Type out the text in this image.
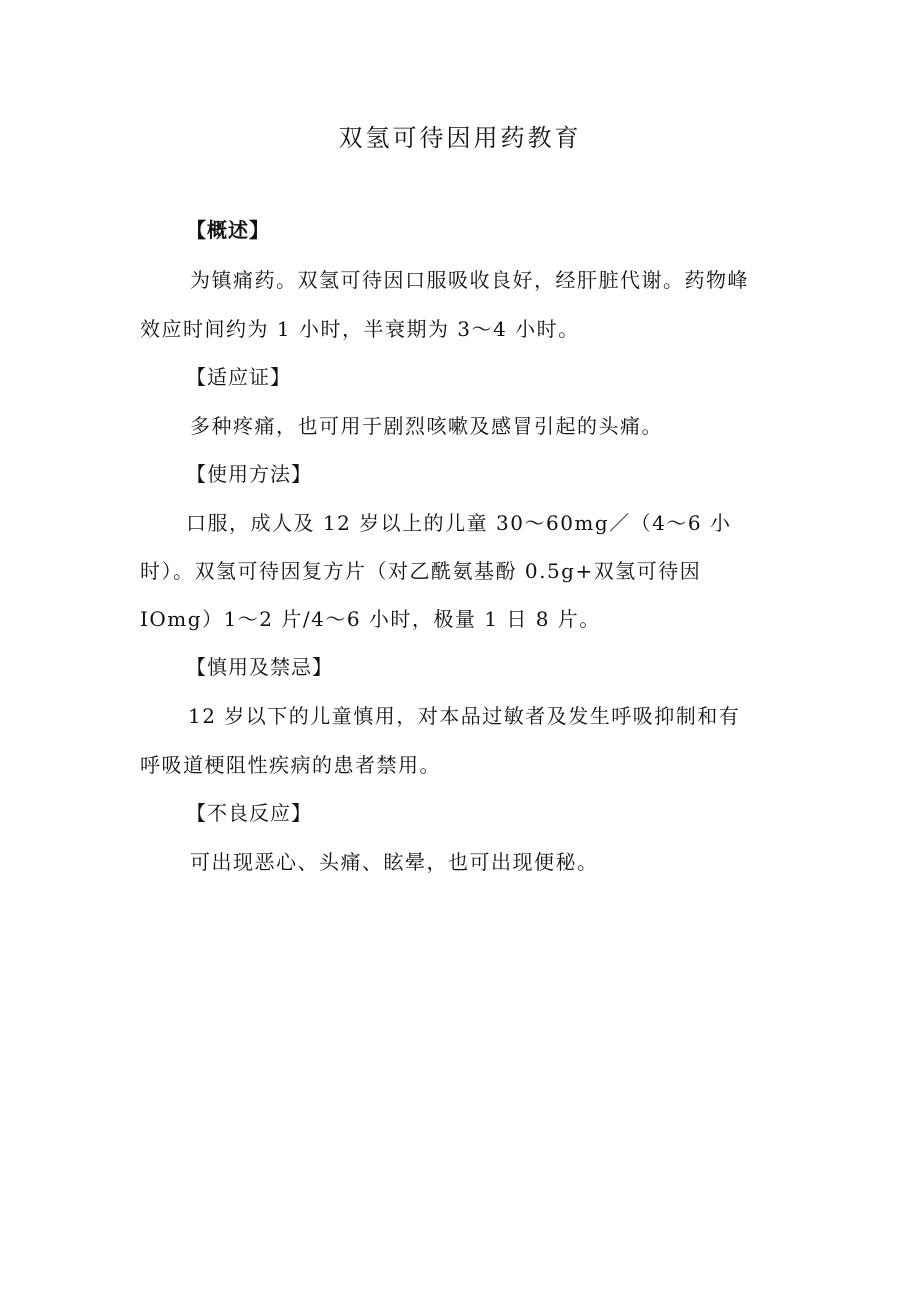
双氢可待因用药教育
【概述】
为镇痛药。双氢可待因口服吸收良好，经肝脏代谢。药物峰
效应时间约为 1 小时，半衰期为 3～4 小时。
【适应证】
多种疼痛，也可用于剧烈咳嗽及感冒引起的头痛。
【使用方法】
口服，成人及 12 岁以上的儿童 30～60mg／（4～6 小
时）。双氢可待因复方片（对乙酰氨基酚 0.5g+双氢可待因
IOmg）1～2 片/4～6 小时，极量 1 日 8 片。
【慎用及禁忌】
12 岁以下的儿童慎用，对本品过敏者及发生呼吸抑制和有
呼吸道梗阻性疾病的患者禁用。
【不良反应】
可出现恶心、头痛、眩晕，也可出现便秘。
